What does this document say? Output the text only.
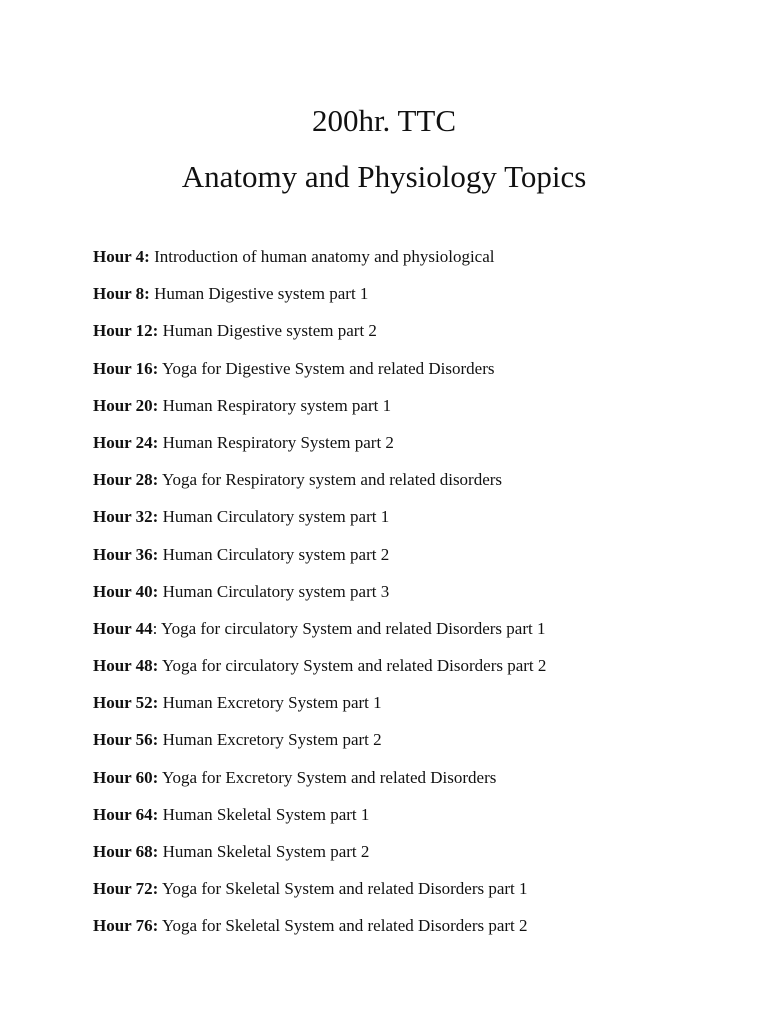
200hr. TTC
Anatomy and Physiology Topics
Hour 4: Introduction of human anatomy and physiological
Hour 8: Human Digestive system part 1
Hour 12: Human Digestive system part 2
Hour 16: Yoga for Digestive System and related Disorders
Hour 20: Human Respiratory system part 1
Hour 24: Human Respiratory System part 2
Hour 28: Yoga for Respiratory system and related disorders
Hour 32: Human Circulatory system part 1
Hour 36: Human Circulatory system part 2
Hour 40: Human Circulatory system part 3
Hour 44: Yoga for circulatory System and related Disorders part 1
Hour 48: Yoga for circulatory System and related Disorders part 2
Hour 52: Human Excretory System part 1
Hour 56: Human Excretory System part 2
Hour 60: Yoga for Excretory System and related Disorders
Hour 64: Human Skeletal System part 1
Hour 68: Human Skeletal System part 2
Hour 72: Yoga for Skeletal System and related Disorders part 1
Hour 76: Yoga for Skeletal System and related Disorders part 2
